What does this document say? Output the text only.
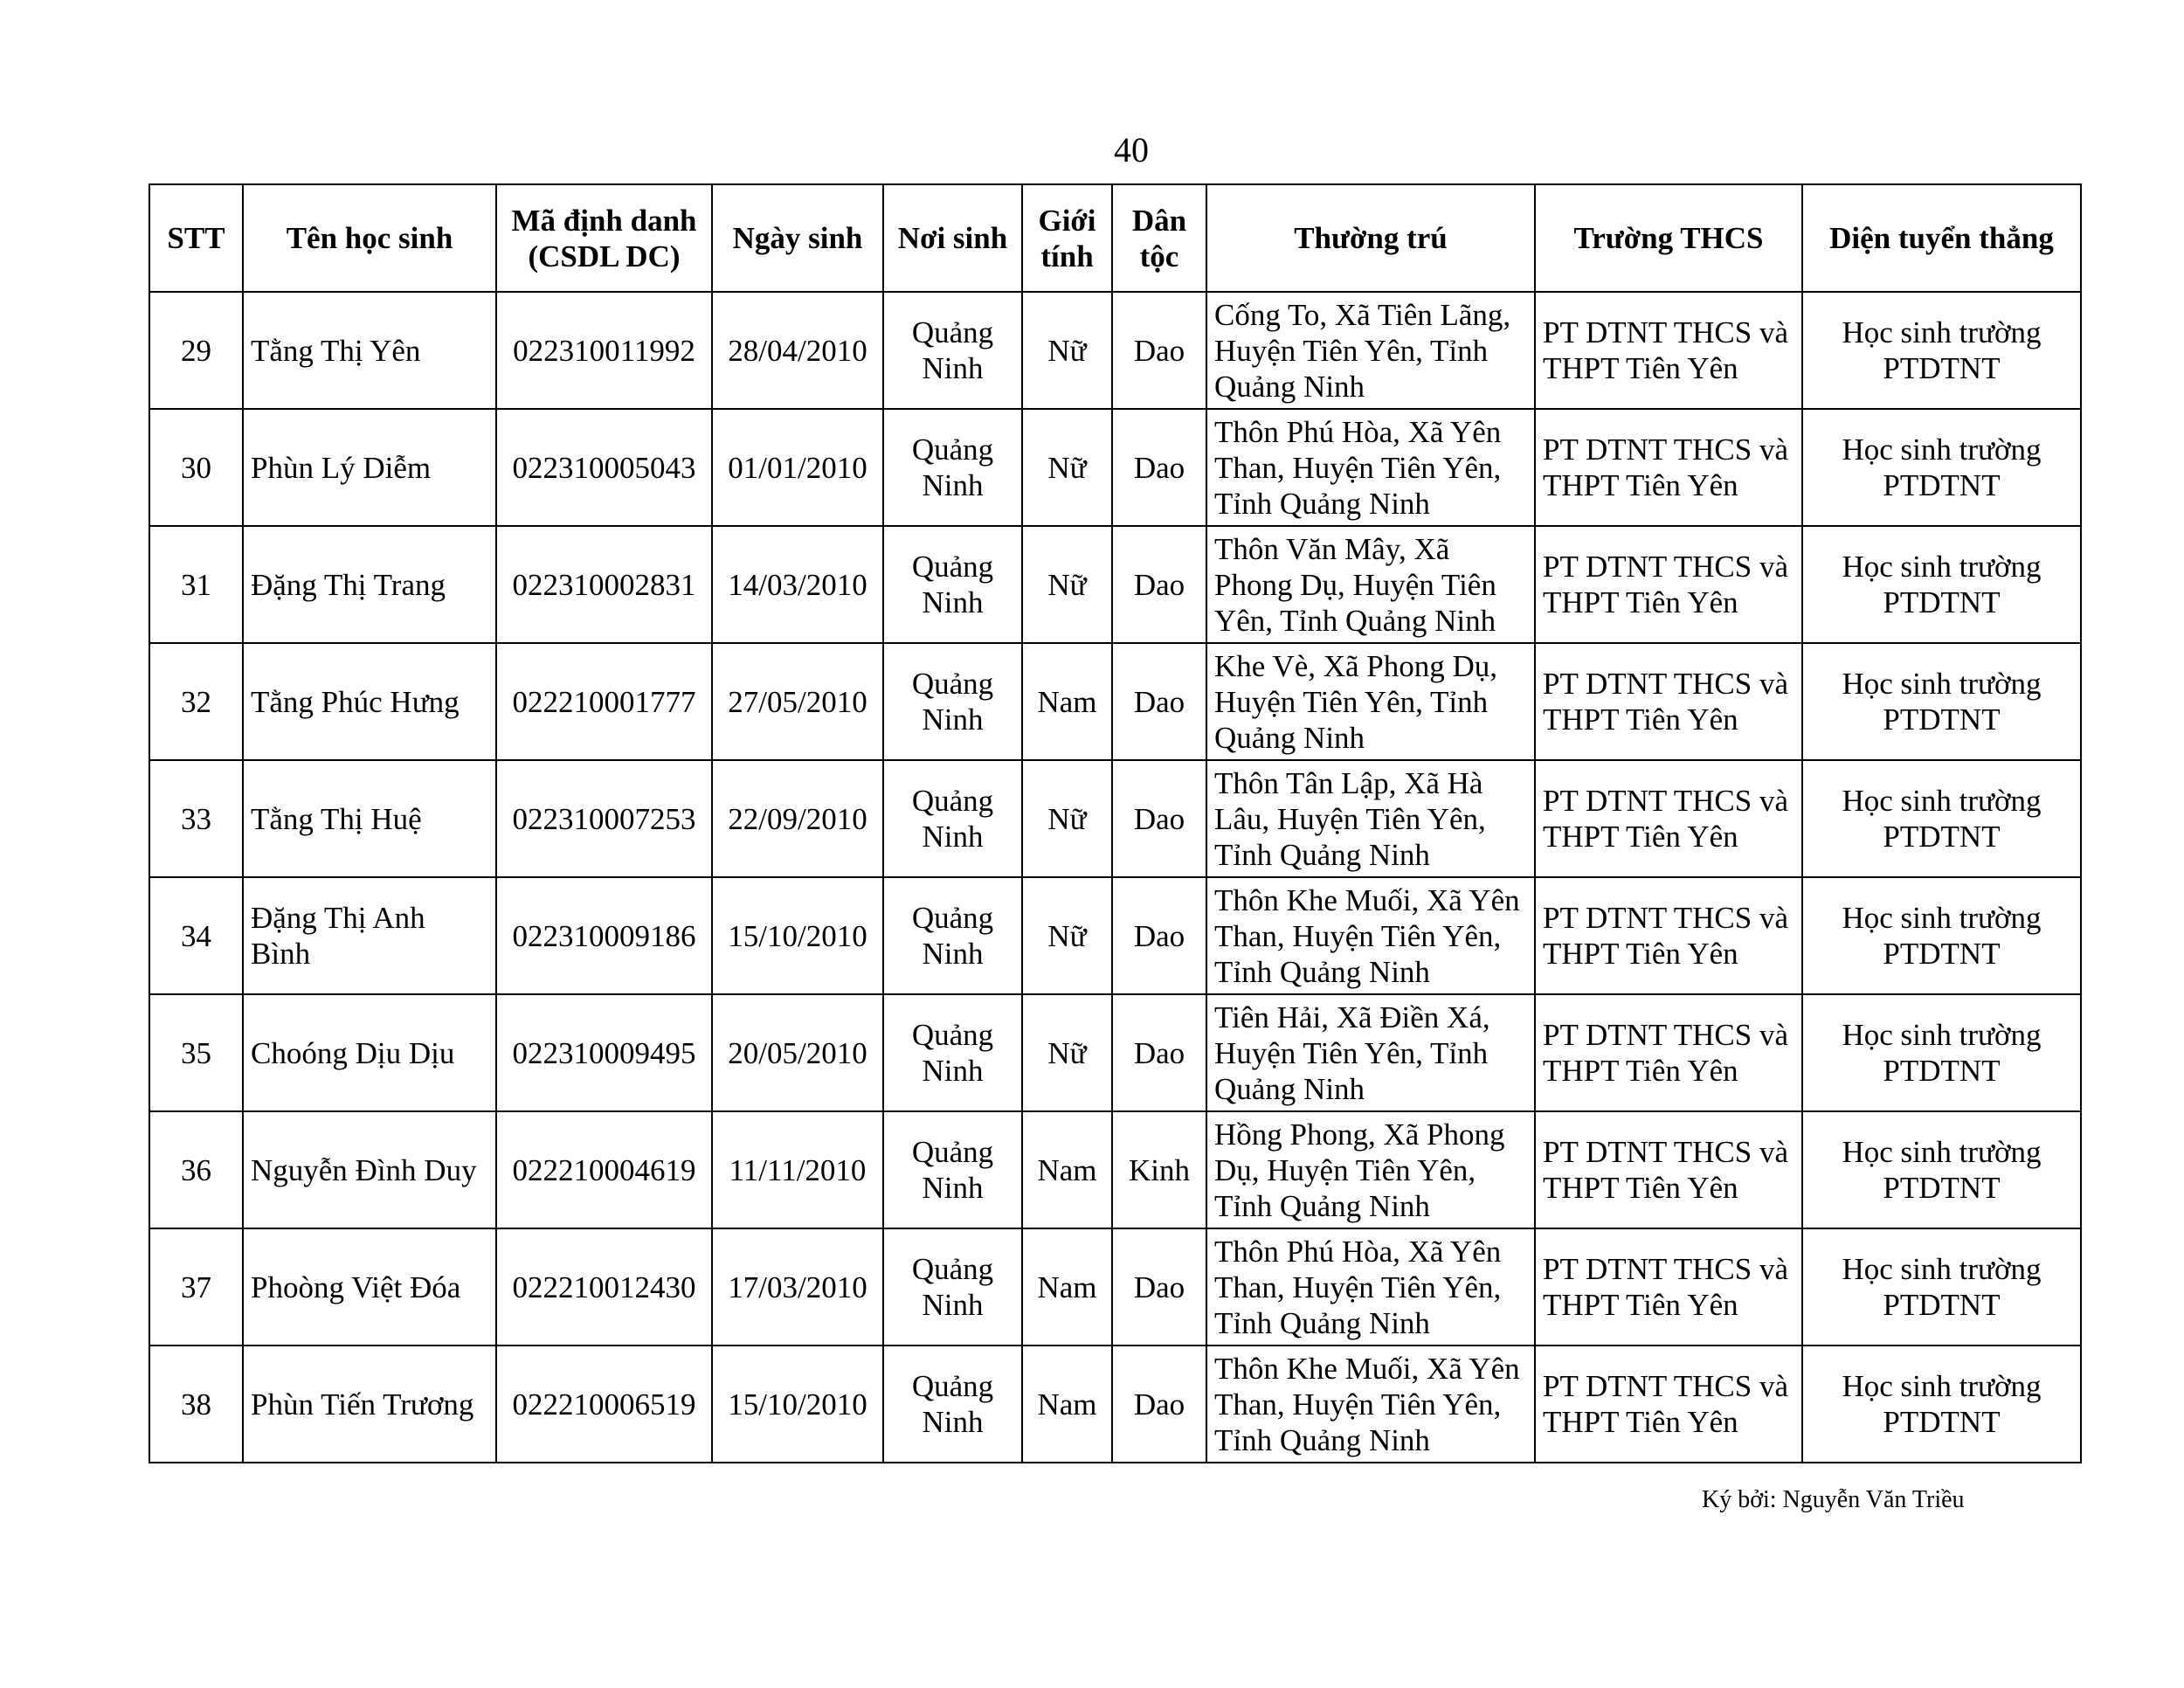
40
STT	Tên học sinh	Mã định danh (CSDL DC)	Ngày sinh	Nơi sinh	Giới tính	Dân tộc	Thường trú	Trường THCS	Diện tuyển thẳng
29	Tằng Thị Yên	022310011992	28/04/2010	Quảng Ninh	Nữ	Dao	Cống To, Xã Tiên Lãng, Huyện Tiên Yên, Tỉnh Quảng Ninh	PT DTNT THCS và THPT Tiên Yên	Học sinh trường PTDTNT
30	Phùn Lý Diễm	022310005043	01/01/2010	Quảng Ninh	Nữ	Dao	Thôn Phú Hòa, Xã Yên Than, Huyện Tiên Yên, Tỉnh Quảng Ninh	PT DTNT THCS và THPT Tiên Yên	Học sinh trường PTDTNT
31	Đặng Thị Trang	022310002831	14/03/2010	Quảng Ninh	Nữ	Dao	Thôn Văn Mây, Xã Phong Dụ, Huyện Tiên Yên, Tỉnh Quảng Ninh	PT DTNT THCS và THPT Tiên Yên	Học sinh trường PTDTNT
32	Tằng Phúc Hưng	022210001777	27/05/2010	Quảng Ninh	Nam	Dao	Khe Vè, Xã Phong Dụ, Huyện Tiên Yên, Tỉnh Quảng Ninh	PT DTNT THCS và THPT Tiên Yên	Học sinh trường PTDTNT
33	Tằng Thị Huệ	022310007253	22/09/2010	Quảng Ninh	Nữ	Dao	Thôn Tân Lập, Xã Hà Lâu, Huyện Tiên Yên, Tỉnh Quảng Ninh	PT DTNT THCS và THPT Tiên Yên	Học sinh trường PTDTNT
34	Đặng Thị Anh Bình	022310009186	15/10/2010	Quảng Ninh	Nữ	Dao	Thôn Khe Muối, Xã Yên Than, Huyện Tiên Yên, Tỉnh Quảng Ninh	PT DTNT THCS và THPT Tiên Yên	Học sinh trường PTDTNT
35	Choóng Dịu Dịu	022310009495	20/05/2010	Quảng Ninh	Nữ	Dao	Tiên Hải, Xã Điền Xá, Huyện Tiên Yên, Tỉnh Quảng Ninh	PT DTNT THCS và THPT Tiên Yên	Học sinh trường PTDTNT
36	Nguyễn Đình Duy	022210004619	11/11/2010	Quảng Ninh	Nam	Kinh	Hồng Phong, Xã Phong Dụ, Huyện Tiên Yên, Tỉnh Quảng Ninh	PT DTNT THCS và THPT Tiên Yên	Học sinh trường PTDTNT
37	Phoòng Việt Đóa	022210012430	17/03/2010	Quảng Ninh	Nam	Dao	Thôn Phú Hòa, Xã Yên Than, Huyện Tiên Yên, Tỉnh Quảng Ninh	PT DTNT THCS và THPT Tiên Yên	Học sinh trường PTDTNT
38	Phùn Tiến Trương	022210006519	15/10/2010	Quảng Ninh	Nam	Dao	Thôn Khe Muối, Xã Yên Than, Huyện Tiên Yên, Tỉnh Quảng Ninh	PT DTNT THCS và THPT Tiên Yên	Học sinh trường PTDTNT
Ký bởi: Nguyễn Văn Triều
